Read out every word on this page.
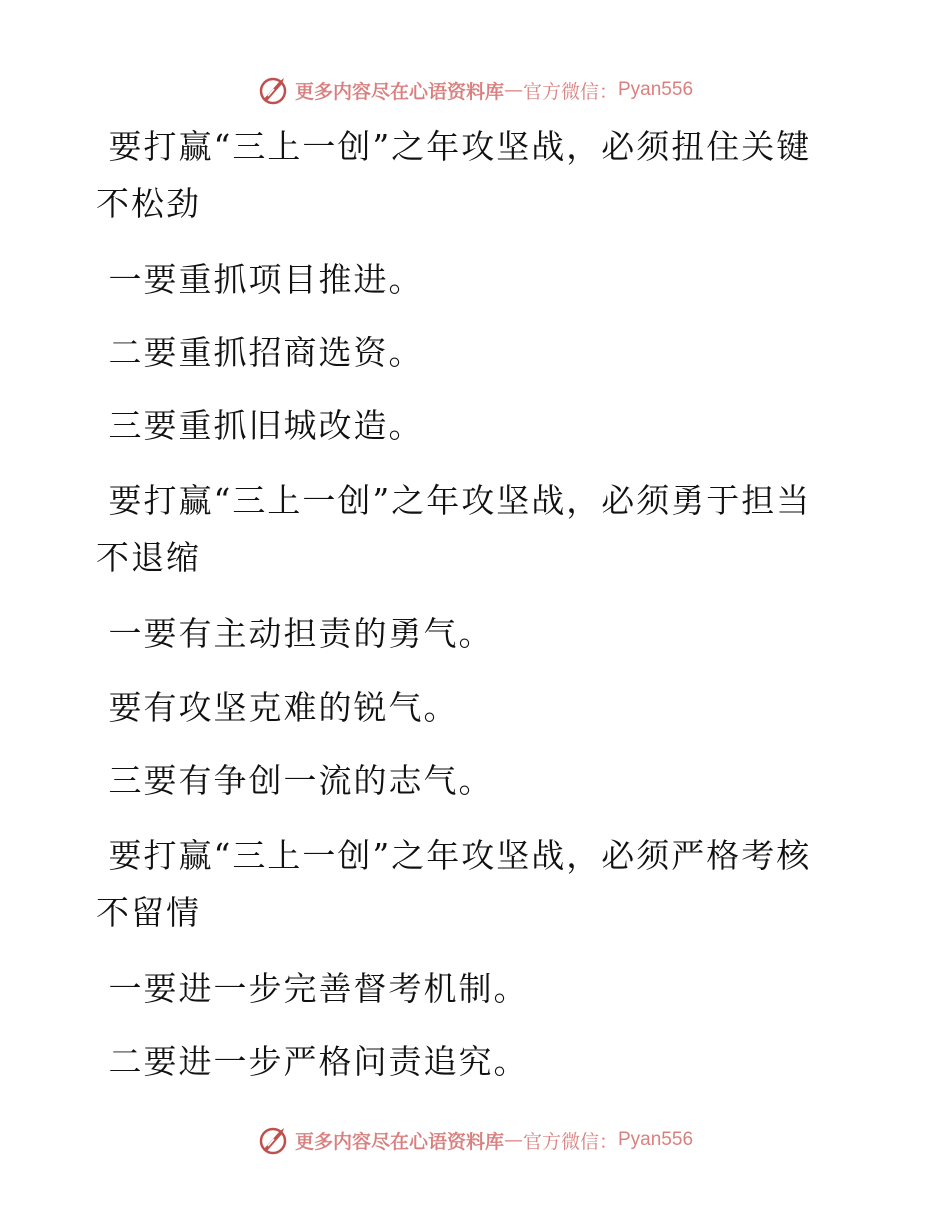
更多内容尽在心语资料库 — 官方微信： Pyan556

要打赢“三上一创”之年攻坚战，必须扭住关键不松劲

一要重抓项目推进。

二要重抓招商选资。

三要重抓旧城改造。

要打赢“三上一创”之年攻坚战，必须勇于担当不退缩

一要有主动担责的勇气。

要有攻坚克难的锐气。

三要有争创一流的志气。

要打赢“三上一创”之年攻坚战，必须严格考核不留情

一要进一步完善督考机制。

二要进一步严格问责追究。

更多内容尽在心语资料库 — 官方微信： Pyan556
